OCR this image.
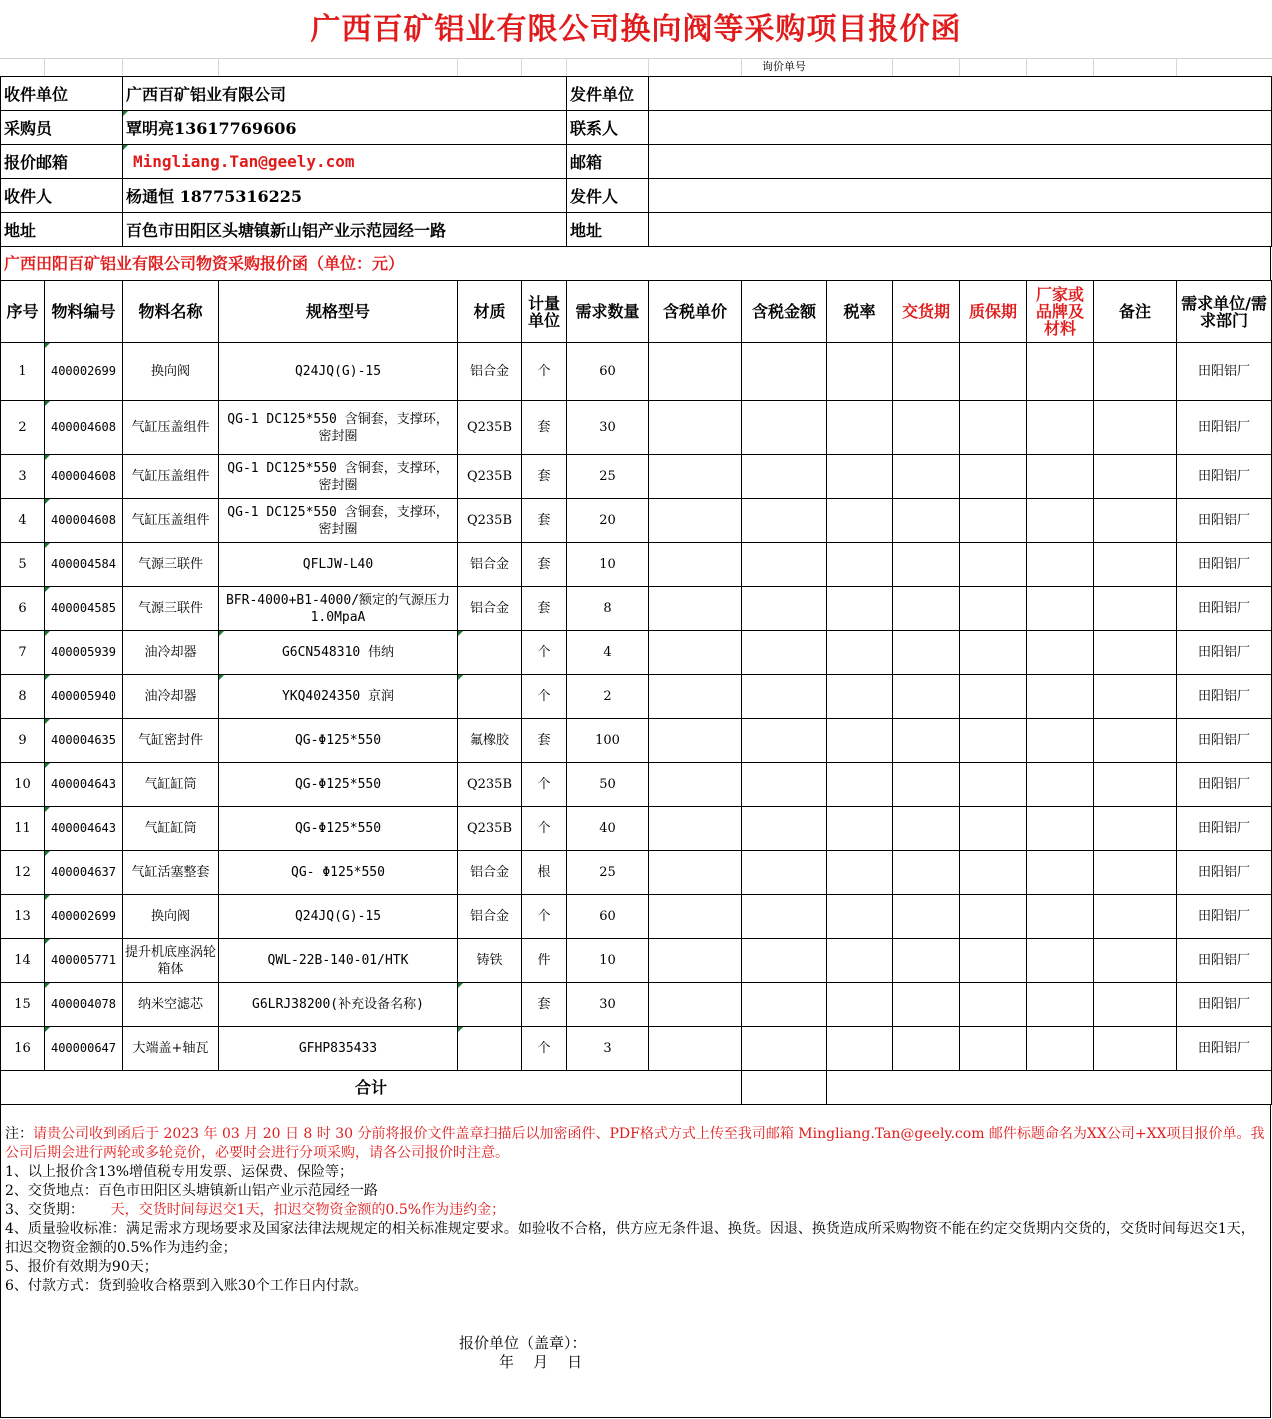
广西百矿铝业有限公司换向阀等采购项目报价函
询价单号
收件单位	广西百矿铝业有限公司	发件单位	
采购员	覃明亮13617769606	联系人	
报价邮箱	Mingliang.Tan@geely.com	邮箱	
收件人	杨通恒 18775316225	发件人	
地址	百色市田阳区头塘镇新山铝产业示范园经一路	地址	
广西田阳百矿铝业有限公司物资采购报价函（单位：元）
序号	物料编号	物料名称	规格型号	材质	计量单位	需求数量	含税单价	含税金额	税率	交货期	质保期	厂家或品牌及材料	备注	需求单位/需求部门
1	400002699	换向阀	Q24JQ(G)-15	铝合金	个	60								田阳铝厂
2	400004608	气缸压盖组件	QG-1 DC125*550 含铜套，支撑环，密封圈	Q235B	套	30								田阳铝厂
3	400004608	气缸压盖组件	QG-1 DC125*550 含铜套，支撑环，密封圈	Q235B	套	25								田阳铝厂
4	400004608	气缸压盖组件	QG-1 DC125*550 含铜套，支撑环，密封圈	Q235B	套	20								田阳铝厂
5	400004584	气源三联件	QFLJW-L40	铝合金	套	10								田阳铝厂
6	400004585	气源三联件	BFR-4000+B1-4000/额定的气源压力1.0MpaA	铝合金	套	8								田阳铝厂
7	400005939	油冷却器	G6CN548310 伟纳		个	4								田阳铝厂
8	400005940	油冷却器	YKQ4024350 京润		个	2								田阳铝厂
9	400004635	气缸密封件	QG-Φ125*550	氟橡胶	套	100								田阳铝厂
10	400004643	气缸缸筒	QG-Φ125*550	Q235B	个	50								田阳铝厂
11	400004643	气缸缸筒	QG-Φ125*550	Q235B	个	40								田阳铝厂
12	400004637	气缸活塞整套	QG- Φ125*550	铝合金	根	25								田阳铝厂
13	400002699	换向阀	Q24JQ(G)-15	铝合金	个	60								田阳铝厂
14	400005771	提升机底座涡轮箱体	QWL-22B-140-01/HTK	铸铁	件	10								田阳铝厂
15	400004078	纳米空滤芯	G6LRJ38200(补充设备名称)		套	30								田阳铝厂
16	400000647	大端盖+轴瓦	GFHP835433		个	3								田阳铝厂
合计														

注：请贵公司收到函后于 2023 年 03 月 20 日 8 时 30 分前将报价文件盖章扫描后以加密函件、PDF格式方式上传至我司邮箱 Mingliang.Tan@geely.com 邮件标题命名为XX公司+XX项目报价单。我公司后期会进行两轮或多轮竞价，必要时会进行分项采购，请各公司报价时注意。

1、以上报价含13%增值税专用发票、运保费、保险等；

2、交货地点：百色市田阳区头塘镇新山铝产业示范园经一路

3、交货期： 天，交货时间每迟交1天，扣迟交物资金额的0.5%作为违约金；

4、质量验收标准：满足需求方现场要求及国家法律法规规定的相关标准规定要求。如验收不合格，供方应无条件退、换货。因退、换货造成所采购物资不能在约定交货期内交货的，交货时间每迟交1天，扣迟交物资金额的0.5%作为违约金；

5、报价有效期为90天；

6、付款方式：货到验收合格票到入账30个工作日内付款。

报价单位（盖章）：
年    月    日
